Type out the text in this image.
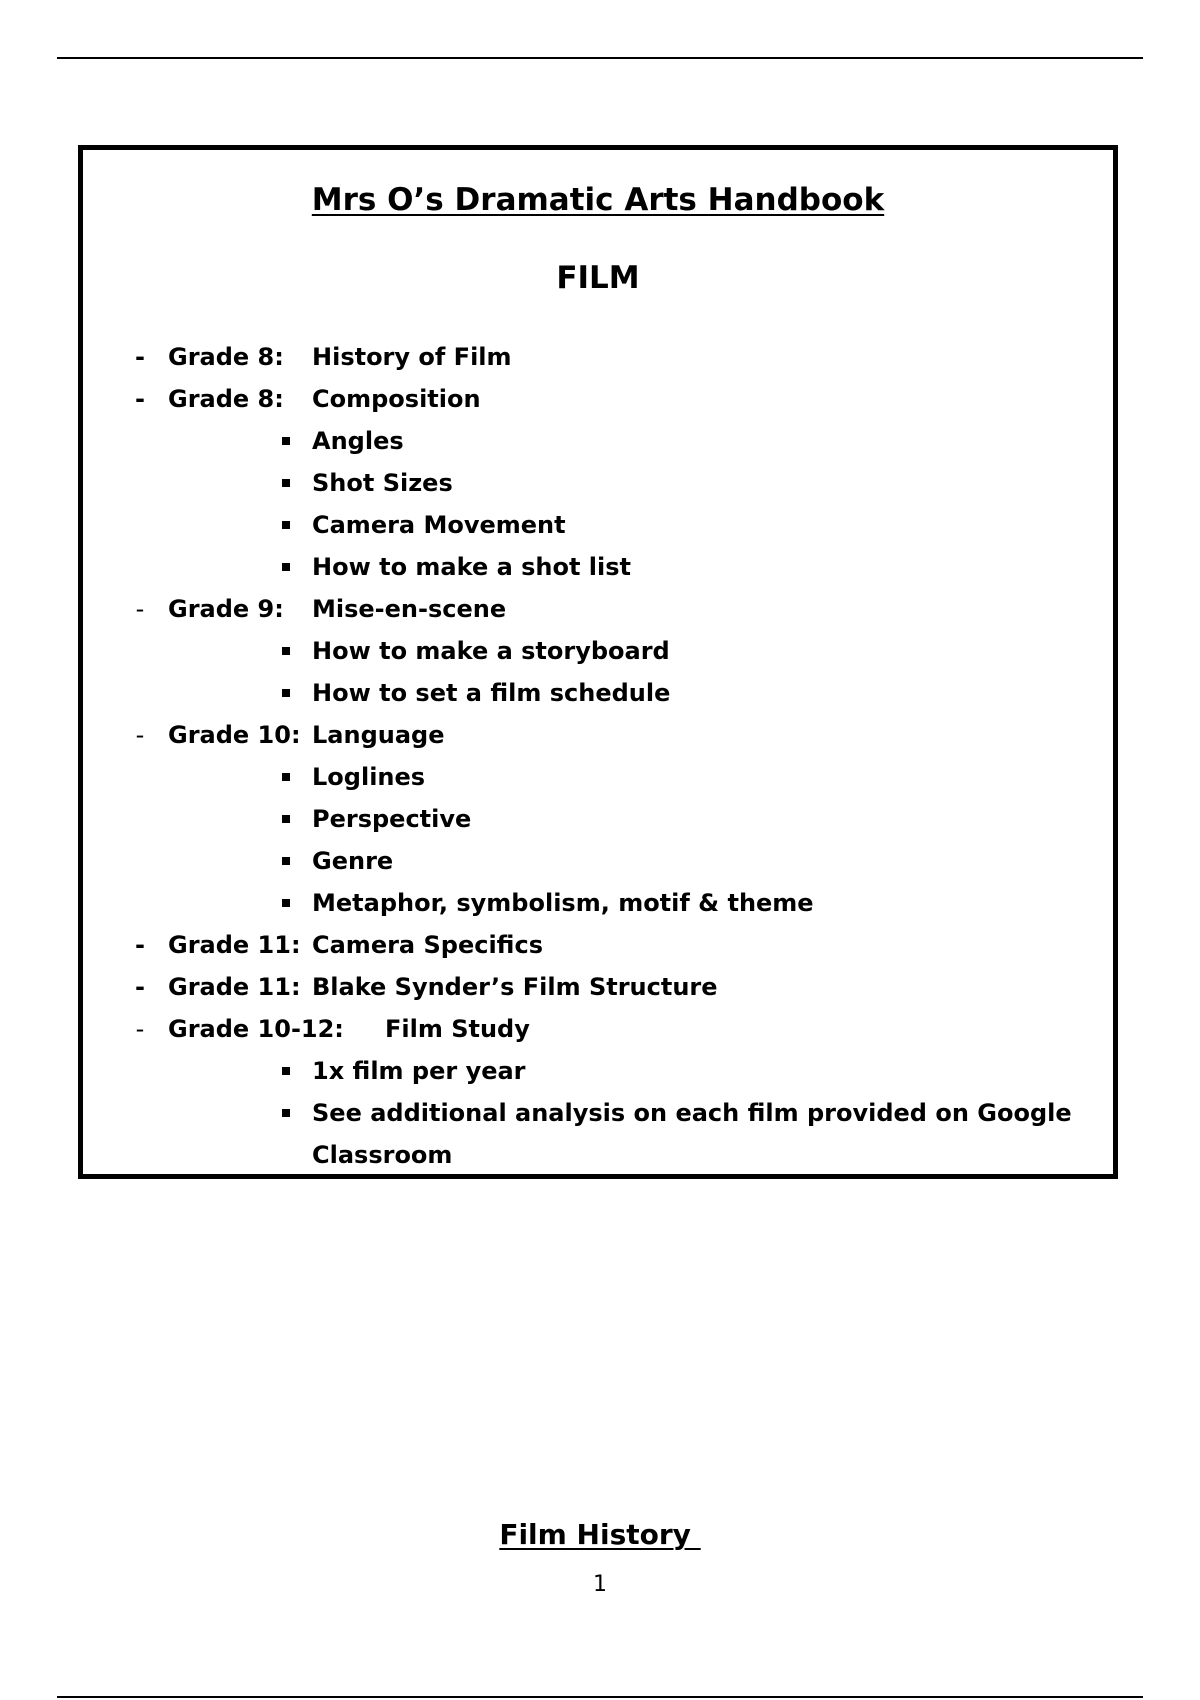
Mrs O’s Dramatic Arts Handbook
FILM
- Grade 8: History of Film
- Grade 8: Composition
Angles
Shot Sizes
Camera Movement
How to make a shot list
- Grade 9: Mise-en-scene
How to make a storyboard
How to set a film schedule
- Grade 10: Language
Loglines
Perspective
Genre
Metaphor, symbolism, motif & theme
- Grade 11: Camera Specifics
- Grade 11: Blake Synder’s Film Structure
- Grade 10-12: Film Study
1x film per year
See additional analysis on each film provided on Google
Classroom
Film History
1
